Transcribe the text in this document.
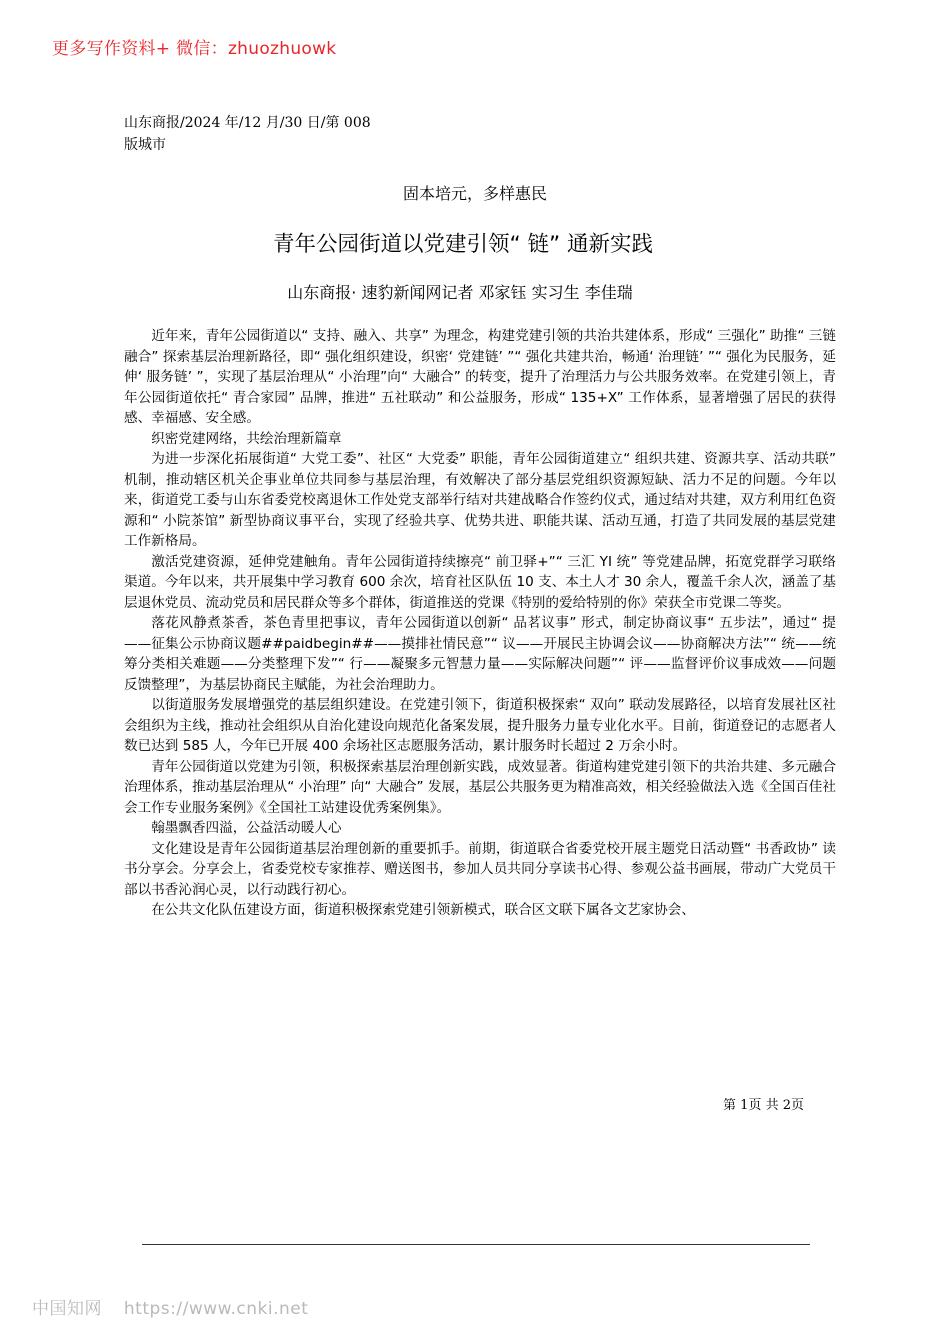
更多写作资料+ 微信：zhuozhuowk
山东商报/2024 年/12 月/30 日/第 008
版城市
固本培元，多样惠民
青年公园街道以党建引领“ 链” 通新实践
山东商报· 速豹新闻网记者 邓家钰 实习生 李佳瑞

近年来，青年公园街道以“ 支持、融入、共享” 为理念，构建党建引领的共治共建体系，形成“ 三强化” 助推“ 三链融合” 探索基层治理新路径，即“ 强化组织建设，织密‘ 党建链’ ”“ 强化共建共治，畅通‘ 治理链’ ”“ 强化为民服务，延伸‘ 服务链’ ”，实现了基层治理从“ 小治理”向“ 大融合” 的转变，提升了治理活力与公共服务效率。在党建引领上，青年公园街道依托“ 青合家园” 品牌，推进“ 五社联动” 和公益服务，形成“ 135+X” 工作体系，显著增强了居民的获得感、幸福感、安全感。

织密党建网络，共绘治理新篇章

为进一步深化拓展街道“ 大党工委”、社区“ 大党委” 职能，青年公园街道建立“ 组织共建、资源共享、活动共联” 机制，推动辖区机关企事业单位共同参与基层治理，有效解决了部分基层党组织资源短缺、活力不足的问题。今年以来，街道党工委与山东省委党校离退休工作处党支部举行结对共建战略合作签约仪式，通过结对共建，双方利用红色资源和“ 小院茶馆” 新型协商议事平台，实现了经验共享、优势共进、职能共谋、活动互通，打造了共同发展的基层党建工作新格局。

激活党建资源，延伸党建触角。青年公园街道持续擦亮“ 前卫驿+”“ 三汇 YI 统” 等党建品牌，拓宽党群学习联络渠道。今年以来，共开展集中学习教育 600 余次，培育社区队伍 10 支、本土人才 30 余人，覆盖千余人次，涵盖了基层退休党员、流动党员和居民群众等多个群体，街道推送的党课《特别的爱给特别的你》荣获全市党课二等奖。

落花风静煮茶香，茶色青里把事议，青年公园街道以创新“ 品茗议事” 形式，制定协商议事“ 五步法”，通过“ 提——征集公示协商议题##paidbegin##——摸排社情民意”“ 议——开展民主协调会议——协商解决方法”“ 统——统筹分类相关难题——分类整理下发”“ 行——凝聚多元智慧力量——实际解决问题”“ 评——监督评价议事成效——问题反馈整理”，为基层协商民主赋能，为社会治理助力。

以街道服务发展增强党的基层组织建设。在党建引领下，街道积极探索“ 双向” 联动发展路径，以培育发展社区社会组织为主线，推动社会组织从自治化建设向规范化备案发展，提升服务力量专业化水平。目前，街道登记的志愿者人数已达到 585 人，今年已开展 400 余场社区志愿服务活动，累计服务时长超过 2 万余小时。

青年公园街道以党建为引领，积极探索基层治理创新实践，成效显著。街道构建党建引领下的共治共建、多元融合治理体系，推动基层治理从“ 小治理” 向“ 大融合” 发展，基层公共服务更为精准高效，相关经验做法入选《全国百佳社会工作专业服务案例》《全国社工站建设优秀案例集》。

翰墨飘香四溢，公益活动暖人心

文化建设是青年公园街道基层治理创新的重要抓手。前期，街道联合省委党校开展主题党日活动暨“ 书香政协” 读书分享会。分享会上，省委党校专家推荐、赠送图书，参加人员共同分享读书心得、参观公益书画展，带动广大党员干部以书香沁润心灵，以行动践行初心。

在公共文化队伍建设方面，街道积极探索党建引领新模式，联合区文联下属各文艺家协会、

第 1页 共 2页
中国知网 https://www.cnki.net
